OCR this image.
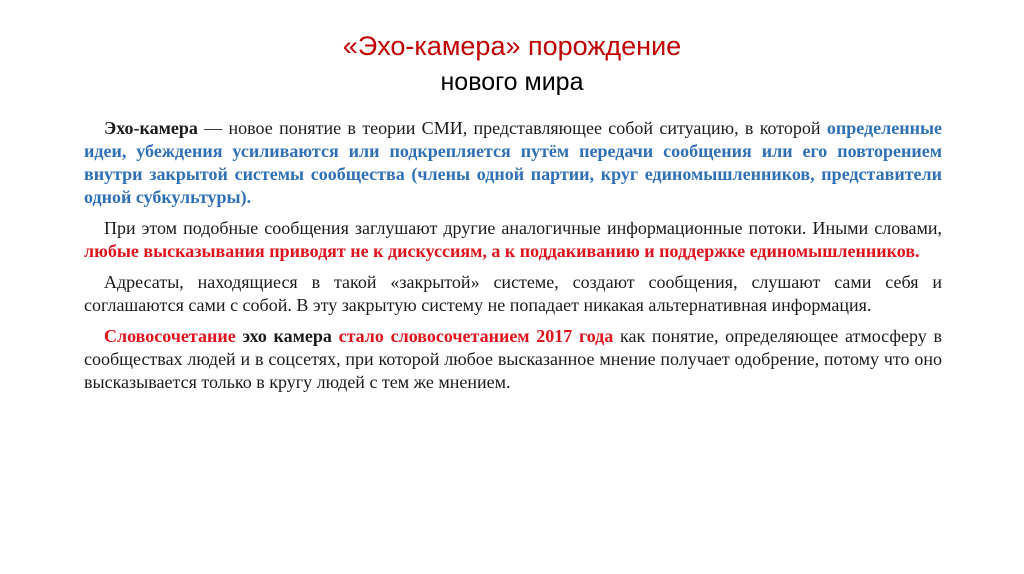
«Эхо-камера» порождение
нового мира

Эхо-камера — новое понятие в теории СМИ, представляющее собой ситуацию, в которой определенные идеи, убеждения усиливаются или подкрепляется путём передачи сообщения или его повторением внутри закрытой системы сообщества (члены одной партии, круг единомышленников, представители одной субкультуры).

При этом подобные сообщения заглушают другие аналогичные информационные потоки. Иными словами, любые высказывания приводят не к дискуссиям, а к поддакиванию и поддержке единомышленников.

Адресаты, находящиеся в такой «закрытой» системе, создают сообщения, слушают сами себя и соглашаются сами с собой. В эту закрытую систему не попадает никакая альтернативная информация.

Словосочетание эхо камера стало словосочетанием 2017 года как понятие, определяющее атмосферу в сообществах людей и в соцсетях, при которой любое высказанное мнение получает одобрение, потому что оно высказывается только в кругу людей с тем же мнением.
